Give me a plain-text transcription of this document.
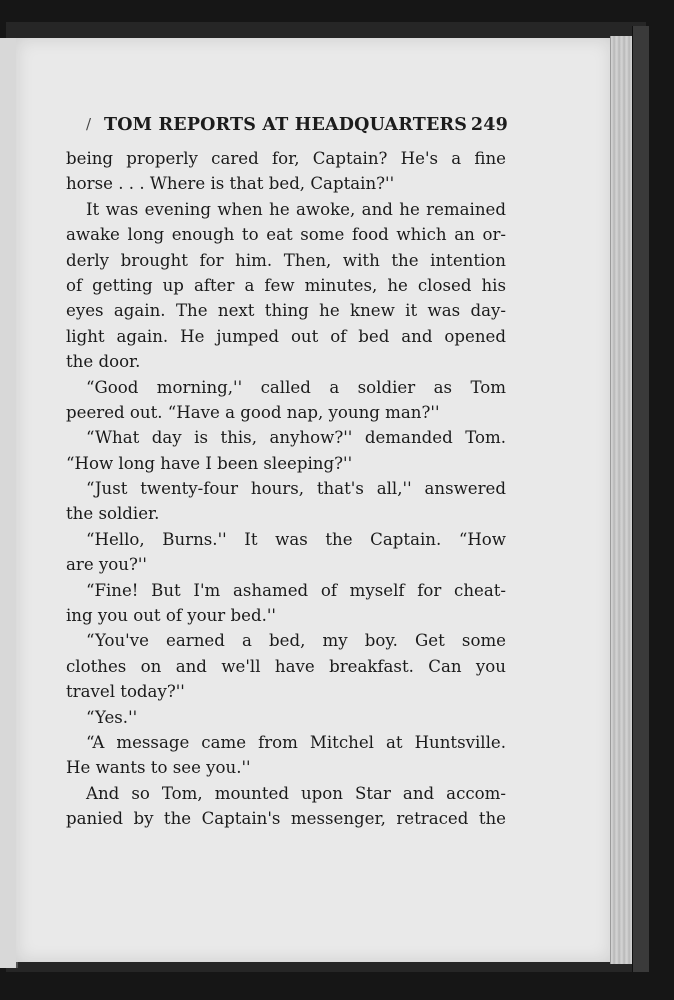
/ TOM REPORTS AT HEADQUARTERS 249
being properly cared for, Captain? He's a fine
horse . . . Where is that bed, Captain?''
It was evening when he awoke, and he remained
awake long enough to eat some food which an or-
derly brought for him. Then, with the intention
of getting up after a few minutes, he closed his
eyes again. The next thing he knew it was day-
light again. He jumped out of bed and opened
the door.
“Good morning,'' called a soldier as Tom
peered out. “Have a good nap, young man?''
“What day is this, anyhow?'' demanded Tom.
“How long have I been sleeping?''
“Just twenty-four hours, that's all,'' answered
the soldier.
“Hello, Burns.'' It was the Captain. “How
are you?''
“Fine! But I'm ashamed of myself for cheat-
ing you out of your bed.''
“You've earned a bed, my boy. Get some
clothes on and we'll have breakfast. Can you
travel today?''
“Yes.''
“A message came from Mitchel at Huntsville.
He wants to see you.''
And so Tom, mounted upon Star and accom-
panied by the Captain's messenger, retraced the
